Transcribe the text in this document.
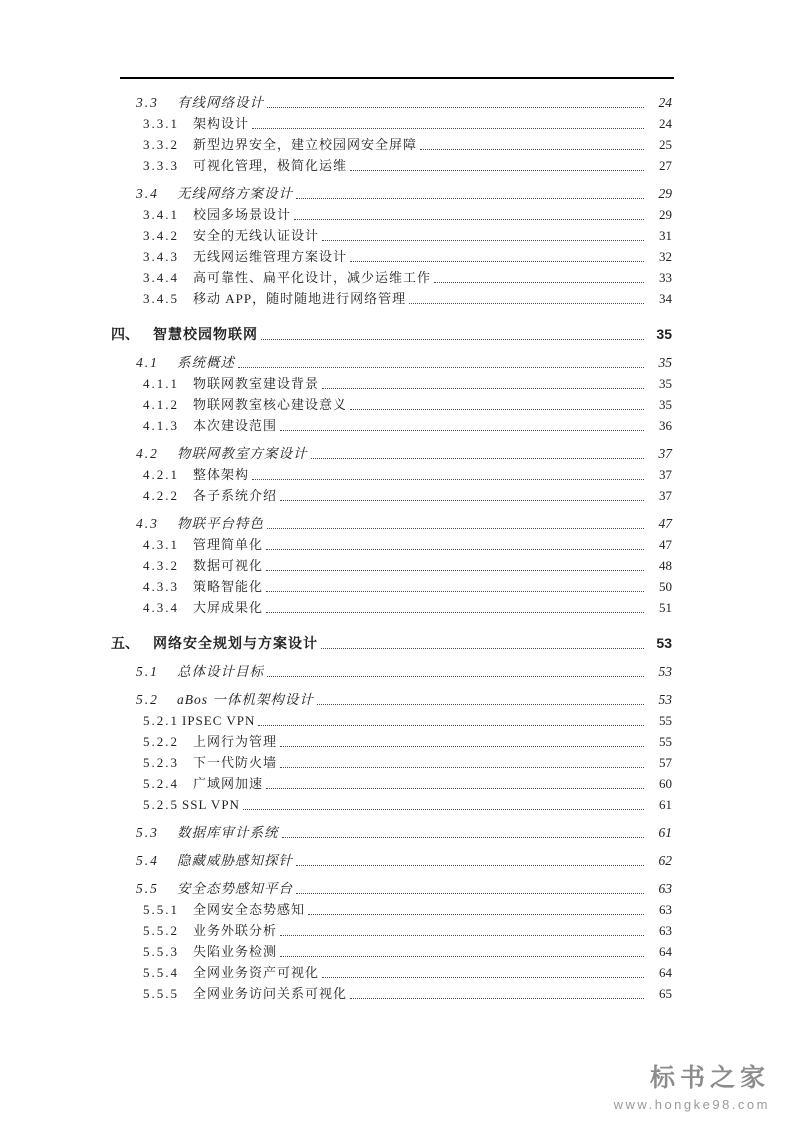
3.3	有线网络设计	24
3.3.1	架构设计	24
3.3.2	新型边界安全，建立校园网安全屏障	25
3.3.3	可视化管理，极简化运维	27
3.4	无线网络方案设计	29
3.4.1	校园多场景设计	29
3.4.2	安全的无线认证设计	31
3.4.3	无线网运维管理方案设计	32
3.4.4	高可靠性、扁平化设计，减少运维工作	33
3.4.5	移动 APP，随时随地进行网络管理	34
四、	智慧校园物联网	35
4.1	系统概述	35
4.1.1	物联网教室建设背景	35
4.1.2	物联网教室核心建设意义	35
4.1.3	本次建设范围	36
4.2	物联网教室方案设计	37
4.2.1	整体架构	37
4.2.2	各子系统介绍	37
4.3	物联平台特色	47
4.3.1	管理简单化	47
4.3.2	数据可视化	48
4.3.3	策略智能化	50
4.3.4	大屏成果化	51
五、	网络安全规划与方案设计	53
5.1	总体设计目标	53
5.2	aBos 一体机架构设计	53
5.2.1 IPSEC VPN	55
5.2.2	上网行为管理	55
5.2.3	下一代防火墙	57
5.2.4	广域网加速	60
5.2.5 SSL VPN	61
5.3	数据库审计系统	61
5.4	隐藏威胁感知探针	62
5.5	安全态势感知平台	63
5.5.1	全网安全态势感知	63
5.5.2	业务外联分析	63
5.5.3	失陷业务检测	64
5.5.4	全网业务资产可视化	64
5.5.5	全网业务访问关系可视化	65
标书之家
www.hongke98.com
